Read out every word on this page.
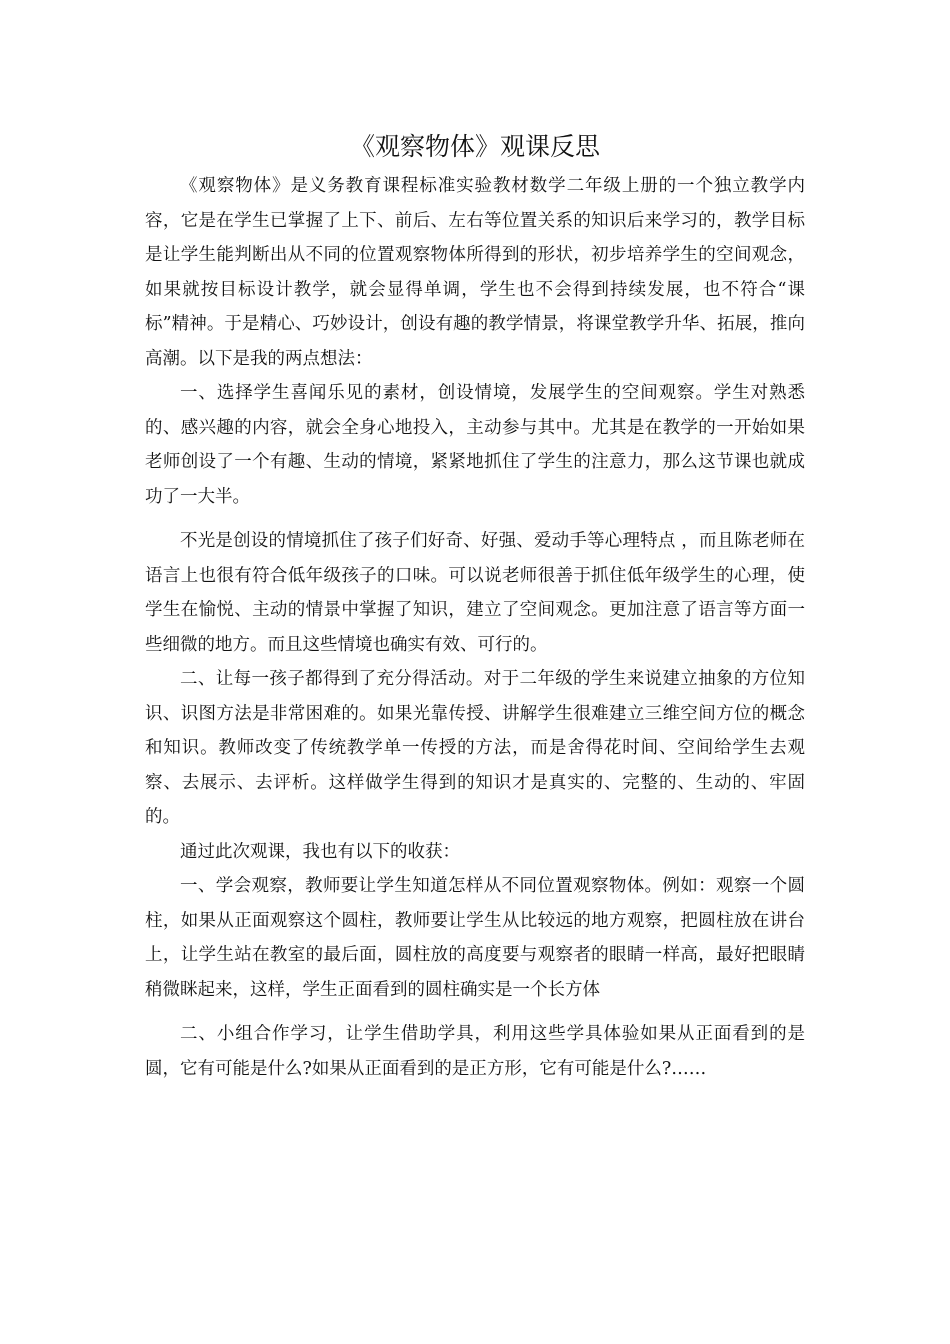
《观察物体》观课反思

《观察物体》是义务教育课程标准实验教材数学二年级上册的一个独立教学内容，它是在学生已掌握了上下、前后、左右等位置关系的知识后来学习的，教学目标是让学生能判断出从不同的位置观察物体所得到的形状，初步培养学生的空间观念，如果就按目标设计教学，就会显得单调，学生也不会得到持续发展，也不符合“课标”精神。于是精心、巧妙设计，创设有趣的教学情景，将课堂教学升华、拓展，推向高潮。以下是我的两点想法：

一、选择学生喜闻乐见的素材，创设情境，发展学生的空间观察。学生对熟悉的、感兴趣的内容，就会全身心地投入，主动参与其中。尤其是在教学的一开始如果老师创设了一个有趣、生动的情境，紧紧地抓住了学生的注意力，那么这节课也就成功了一大半。

不光是创设的情境抓住了孩子们好奇、好强、爱动手等心理特点 ，而且陈老师在语言上也很有符合低年级孩子的口味。可以说老师很善于抓住低年级学生的心理，使学生在愉悦、主动的情景中掌握了知识，建立了空间观念。更加注意了语言等方面一些细微的地方。而且这些情境也确实有效、可行的。

二、让每一孩子都得到了充分得活动。对于二年级的学生来说建立抽象的方位知识、识图方法是非常困难的。如果光靠传授、讲解学生很难建立三维空间方位的概念和知识。教师改变了传统教学单一传授的方法，而是舍得花时间、空间给学生去观察、去展示、去评析。这样做学生得到的知识才是真实的、完整的、生动的、牢固的。

通过此次观课，我也有以下的收获：

一、学会观察，教师要让学生知道怎样从不同位置观察物体。例如：观察一个圆柱，如果从正面观察这个圆柱，教师要让学生从比较远的地方观察，把圆柱放在讲台上，让学生站在教室的最后面，圆柱放的高度要与观察者的眼睛一样高，最好把眼睛稍微眯起来，这样，学生正面看到的圆柱确实是一个长方体

二、小组合作学习，让学生借助学具，利用这些学具体验如果从正面看到的是圆，它有可能是什么?如果从正面看到的是正方形，它有可能是什么?……
